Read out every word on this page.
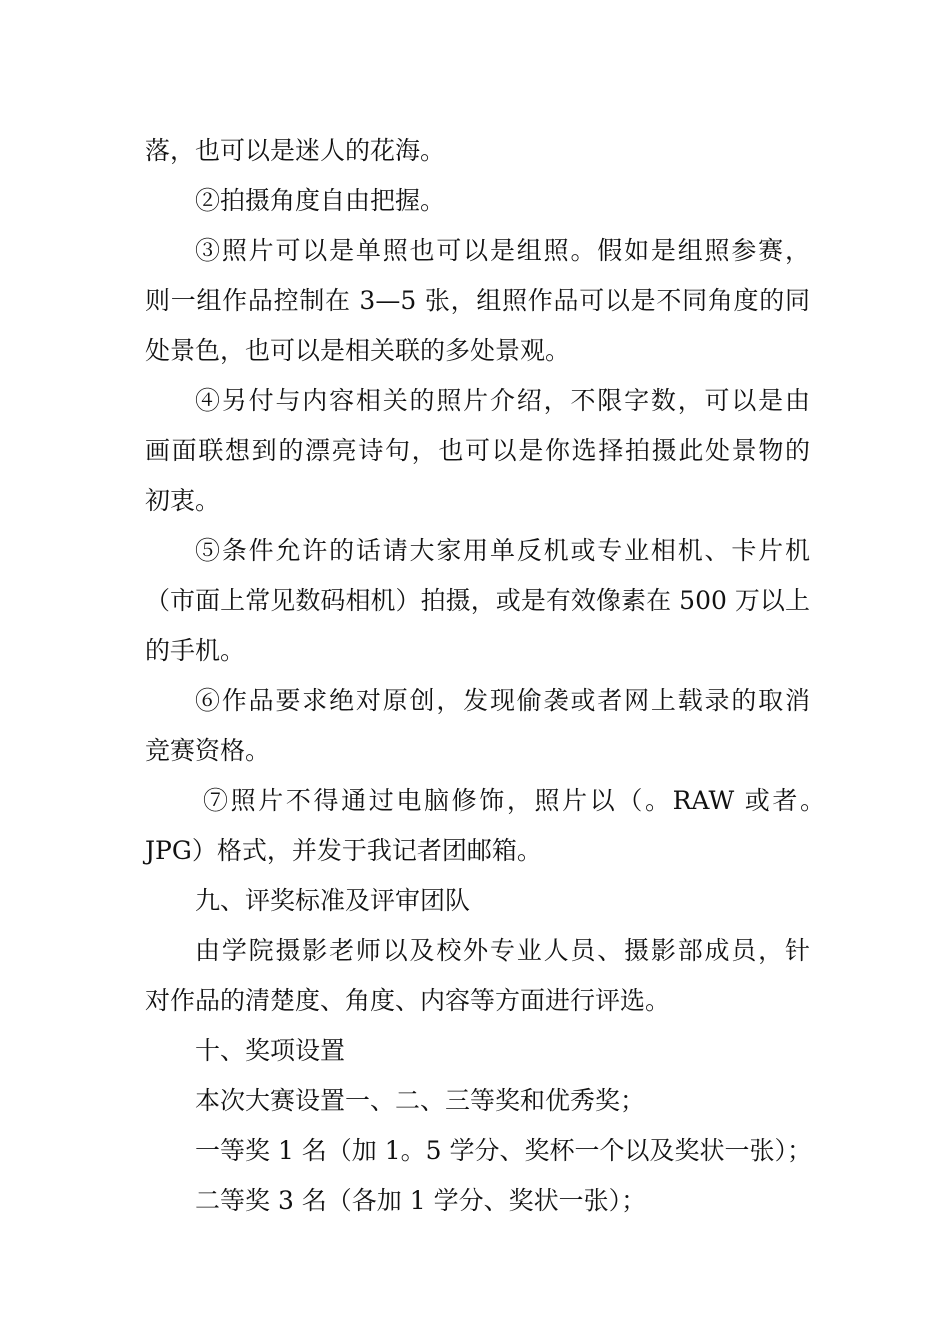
落，也可以是迷人的花海。
②拍摄角度自由把握。
③照片可以是单照也可以是组照。假如是组照参赛，
则一组作品控制在 3—5 张，组照作品可以是不同角度的同
处景色，也可以是相关联的多处景观。
④另付与内容相关的照片介绍，不限字数，可以是由
画面联想到的漂亮诗句，也可以是你选择拍摄此处景物的
初衷。
⑤条件允许的话请大家用单反机或专业相机、卡片机
（市面上常见数码相机）拍摄，或是有效像素在 500 万以上
的手机。
⑥作品要求绝对原创，发现偷袭或者网上载录的取消
竞赛资格。
⑦照片不得通过电脑修饰，照片以（。RAW 或者。
JPG）格式，并发于我记者团邮箱。
九、评奖标准及评审团队
由学院摄影老师以及校外专业人员、摄影部成员，针
对作品的清楚度、角度、内容等方面进行评选。
十、奖项设置
本次大赛设置一、二、三等奖和优秀奖；
一等奖 1 名（加 1。5 学分、奖杯一个以及奖状一张）；
二等奖 3 名（各加 1 学分、奖状一张）；
